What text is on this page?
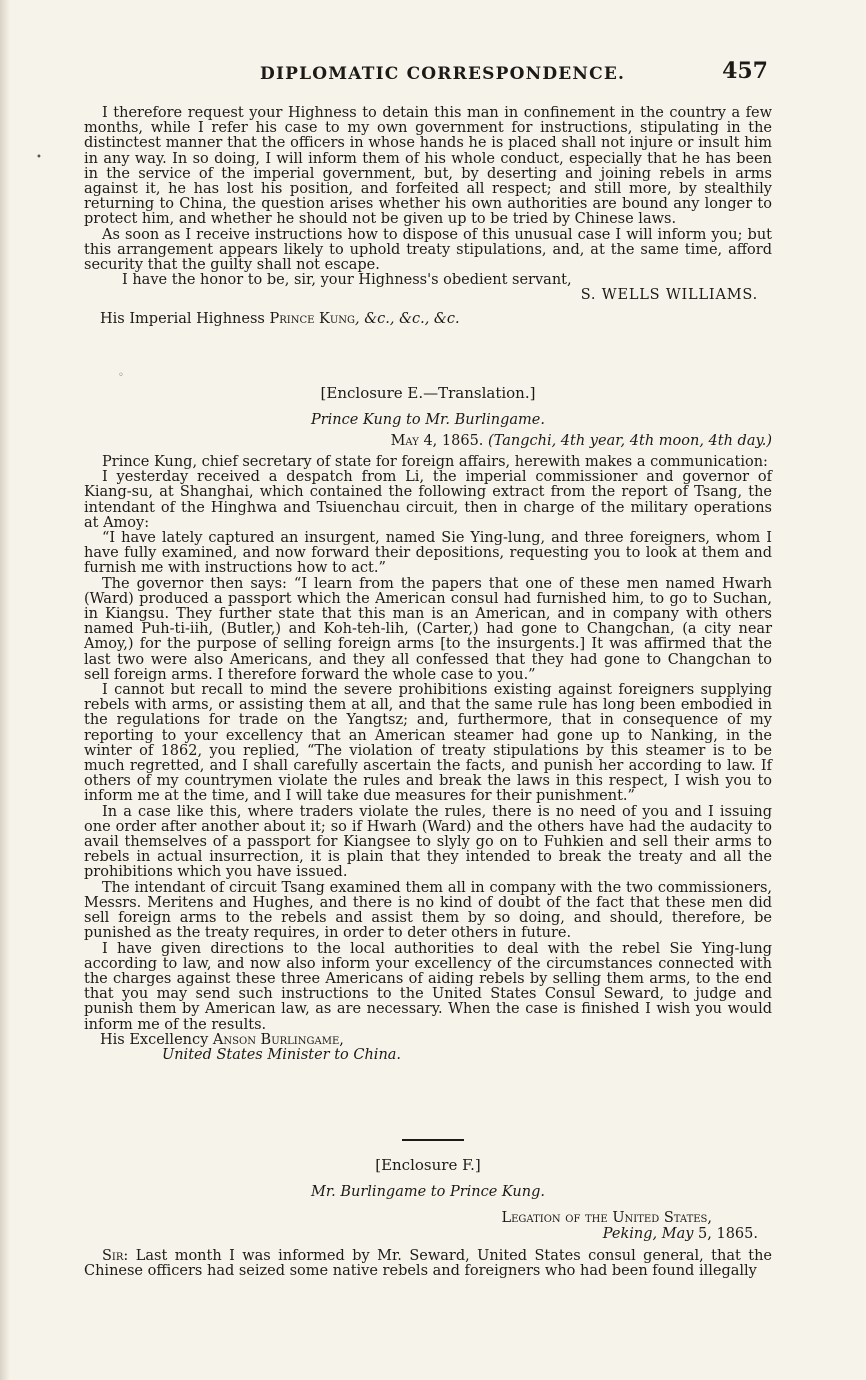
DIPLOMATIC CORRESPONDENCE.	457

I therefore request your Highness to detain this man in confinement in the country a few months, while I refer his case to my own government for instructions, stipulating in the distinctest manner that the officers in whose hands he is placed shall not injure or insult him in any way. In so doing, I will inform them of his whole conduct, especially that he has been in the service of the imperial government, but, by deserting and joining rebels in arms against it, he has lost his position, and forfeited all respect; and still more, by stealthily returning to China, the question arises whether his own authorities are bound any longer to protect him, and whether he should not be given up to be tried by Chinese laws.

As soon as I receive instructions how to dispose of this unusual case I will inform you; but this arrangement appears likely to uphold treaty stipulations, and, at the same time, afford security that the guilty shall not escape.

I have the honor to be, sir, your Highness's obedient servant,

S. WELLS WILLIAMS.
His Imperial Highness Prince Kung, &c., &c., &c.
•
◦
[Enclosure E.—Translation.]
Prince Kung to Mr. Burlingame.
May 4, 1865. (Tangchi, 4th year, 4th moon, 4th day.)

Prince Kung, chief secretary of state for foreign affairs, herewith makes a communication:

I yesterday received a despatch from Li, the imperial commissioner and governor of Kiang-su, at Shanghai, which contained the following extract from the report of Tsang, the intendant of the Hinghwa and Tsiuenchau circuit, then in charge of the military operations at Amoy:

“I have lately captured an insurgent, named Sie Ying-lung, and three foreigners, whom I have fully examined, and now forward their depositions, requesting you to look at them and furnish me with instructions how to act.”

The governor then says: “I learn from the papers that one of these men named Hwarh (Ward) produced a passport which the American consul had furnished him, to go to Suchan, in Kiangsu. They further state that this man is an American, and in company with others named Puh-ti-iih, (Butler,) and Koh-teh-lih, (Carter,) had gone to Changchan, (a city near Amoy,) for the purpose of selling foreign arms [to the insurgents.] It was affirmed that the last two were also Americans, and they all confessed that they had gone to Changchan to sell foreign arms. I therefore forward the whole case to you.”

I cannot but recall to mind the severe prohibitions existing against foreigners supplying rebels with arms, or assisting them at all, and that the same rule has long been embodied in the regulations for trade on the Yangtsz; and, furthermore, that in consequence of my reporting to your excellency that an American steamer had gone up to Nanking, in the winter of 1862, you replied, “The violation of treaty stipulations by this steamer is to be much regretted, and I shall carefully ascertain the facts, and punish her according to law. If others of my countrymen violate the rules and break the laws in this respect, I wish you to inform me at the time, and I will take due measures for their punishment.”

In a case like this, where traders violate the rules, there is no need of you and I issuing one order after another about it; so if Hwarh (Ward) and the others have had the audacity to avail themselves of a passport for Kiangsee to slyly go on to Fuhkien and sell their arms to rebels in actual insurrection, it is plain that they intended to break the treaty and all the prohibitions which you have issued.

The intendant of circuit Tsang examined them all in company with the two commissioners, Messrs. Meritens and Hughes, and there is no kind of doubt of the fact that these men did sell foreign arms to the rebels and assist them by so doing, and should, therefore, be punished as the treaty requires, in order to deter others in future.

I have given directions to the local authorities to deal with the rebel Sie Ying-lung according to law, and now also inform your excellency of the circumstances connected with the charges against these three Americans of aiding rebels by selling them arms, to the end that you may send such instructions to the United States Consul Seward, to judge and punish them by American law, as are necessary. When the case is finished I wish you would inform me of the results.

His Excellency Anson Burlingame,
United States Minister to China.
[Enclosure F.]
Mr. Burlingame to Prince Kung.
Legation of the United States,
Peking, May 5, 1865.

Sir: Last month I was informed by Mr. Seward, United States consul general, that the Chinese officers had seized some native rebels and foreigners who had been found illegally
